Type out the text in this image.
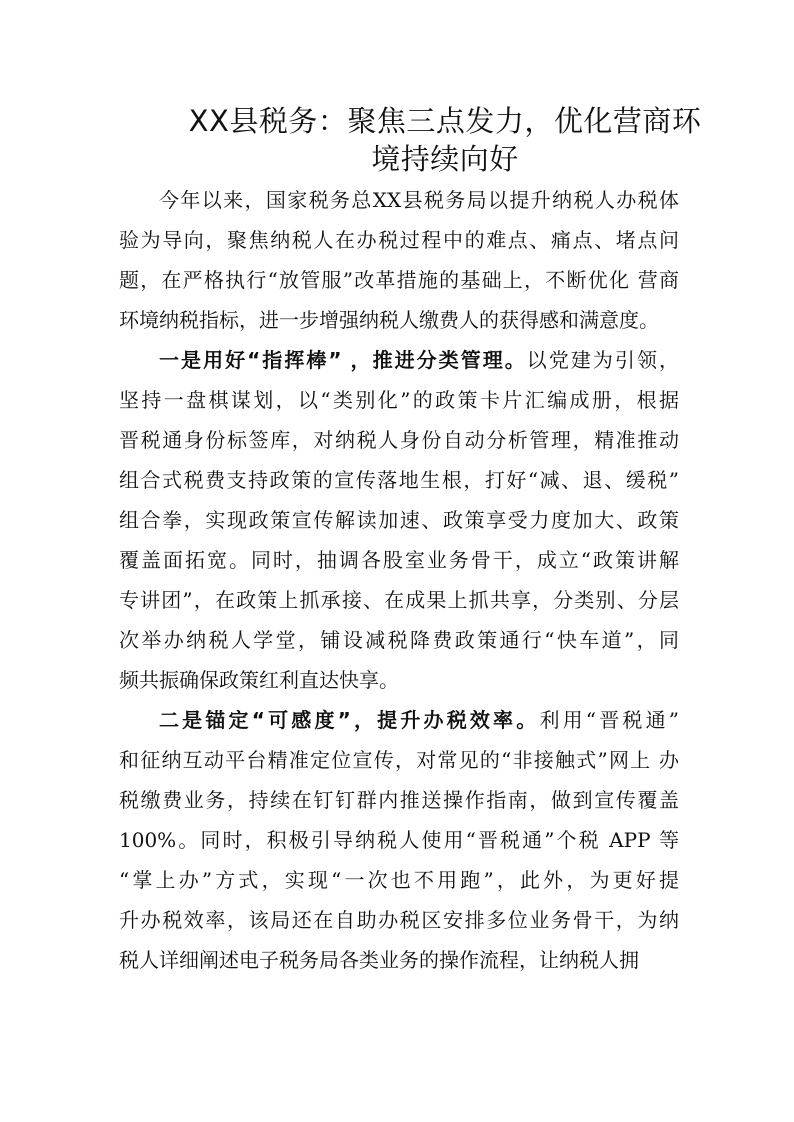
XX县税务：聚焦三点发力，优化营商环
境持续向好
今年以来，国家税务总XX县税务局以提升纳税人办税体
验为导向，聚焦纳税人在办税过程中的难点、痛点、堵点问
题，在严格执行“放管服”改革措施的基础上，不断优化 营商
环境纳税指标，进一步增强纳税人缴费人的获得感和满意度。
一是用好“指挥棒” ，推进分类管理。以党建为引领，
坚持一盘棋谋划，以“类别化”的政策卡片汇编成册，根据
晋税通身份标签库，对纳税人身份自动分析管理，精准推动
组合式税费支持政策的宣传落地生根，打好“减、退、缓税”
组合拳，实现政策宣传解读加速、政策享受力度加大、政策
覆盖面拓宽。同时，抽调各股室业务骨干，成立“政策讲解
专讲团”，在政策上抓承接、在成果上抓共享，分类别、分层
次举办纳税人学堂，铺设减税降费政策通行“快车道”，同
频共振确保政策红利直达快享。
二是锚定“可感度”，提升办税效率。利用“晋税通”
和征纳互动平台精准定位宣传，对常见的“非接触式”网上 办
税缴费业务，持续在钉钉群内推送操作指南，做到宣传覆盖
100%。同时，积极引导纳税人使用“晋税通”个税 APP 等
“掌上办”方式，实现“一次也不用跑”，此外，为更好提
升办税效率，该局还在自助办税区安排多位业务骨干，为纳
税人详细阐述电子税务局各类业务的操作流程，让纳税人拥
